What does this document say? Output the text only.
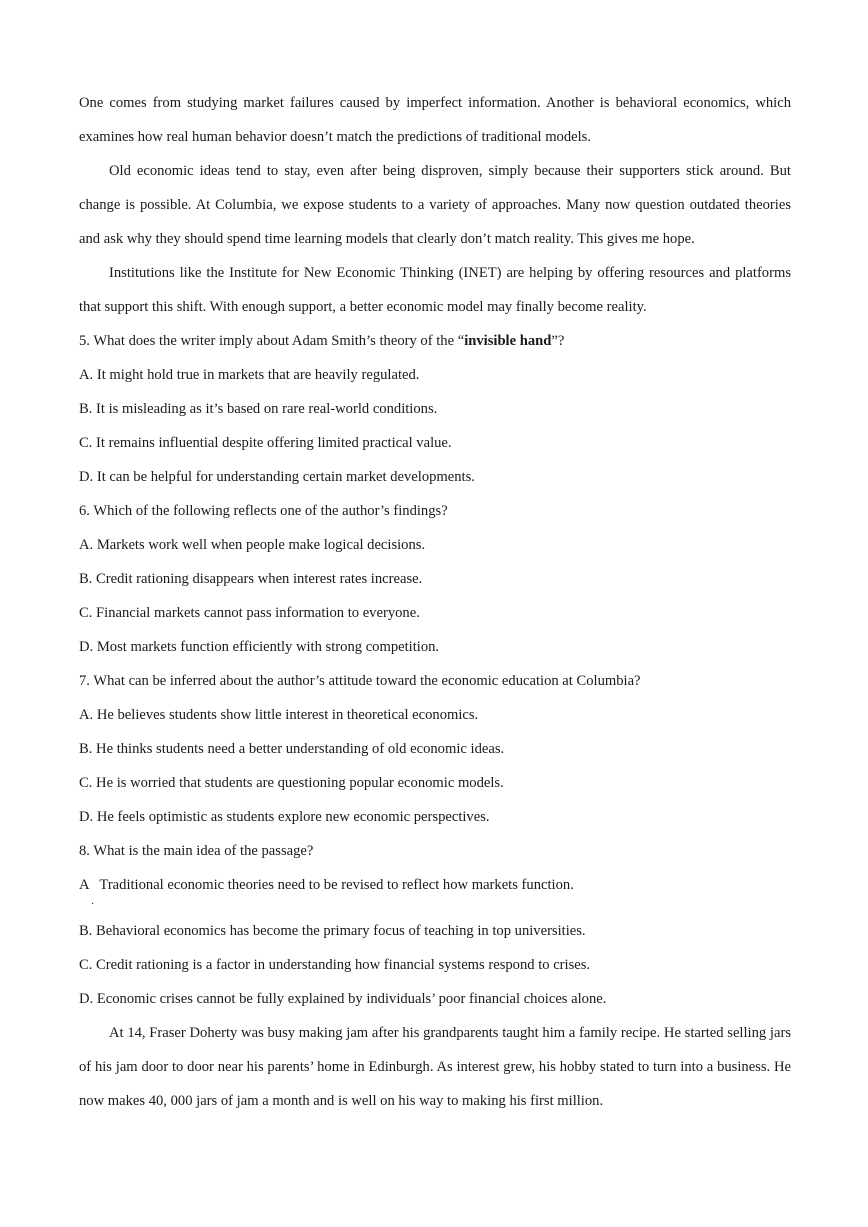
One comes from studying market failures caused by imperfect information. Another is behavioral economics, which examines how real human behavior doesn’t match the predictions of traditional models.

Old economic ideas tend to stay, even after being disproven, simply because their supporters stick around. But change is possible. At Columbia, we expose students to a variety of approaches. Many now question outdated theories and ask why they should spend time learning models that clearly don’t match reality. This gives me hope.

Institutions like the Institute for New Economic Thinking (INET) are helping by offering resources and platforms that support this shift. With enough support, a better economic model may finally become reality.

5. What does the writer imply about Adam Smith’s theory of the “invisible hand”?

A. It might hold true in markets that are heavily regulated.

B. It is misleading as it’s based on rare real-world conditions.

C. It remains influential despite offering limited practical value.

D. It can be helpful for understanding certain market developments.

6. Which of the following reflects one of the author’s findings?

A. Markets work well when people make logical decisions.

B. Credit rationing disappears when interest rates increase.

C. Financial markets cannot pass information to everyone.

D. Most markets function efficiently with strong competition.

7. What can be inferred about the author’s attitude toward the economic education at Columbia?

A. He believes students show little interest in theoretical economics.

B. He thinks students need a better understanding of old economic ideas.

C. He is worried that students are questioning popular economic models.

D. He feels optimistic as students explore new economic perspectives.

8. What is the main idea of the passage?

A   Traditional economic theories need to be revised to reflect how markets function.

·

B. Behavioral economics has become the primary focus of teaching in top universities.

C. Credit rationing is a factor in understanding how financial systems respond to crises.

D. Economic crises cannot be fully explained by individuals’ poor financial choices alone.

At 14, Fraser Doherty was busy making jam after his grandparents taught him a family recipe. He started selling jars of his jam door to door near his parents’ home in Edinburgh. As interest grew, his hobby stated to turn into a business. He now makes 40, 000 jars of jam a month and is well on his way to making his first million.
